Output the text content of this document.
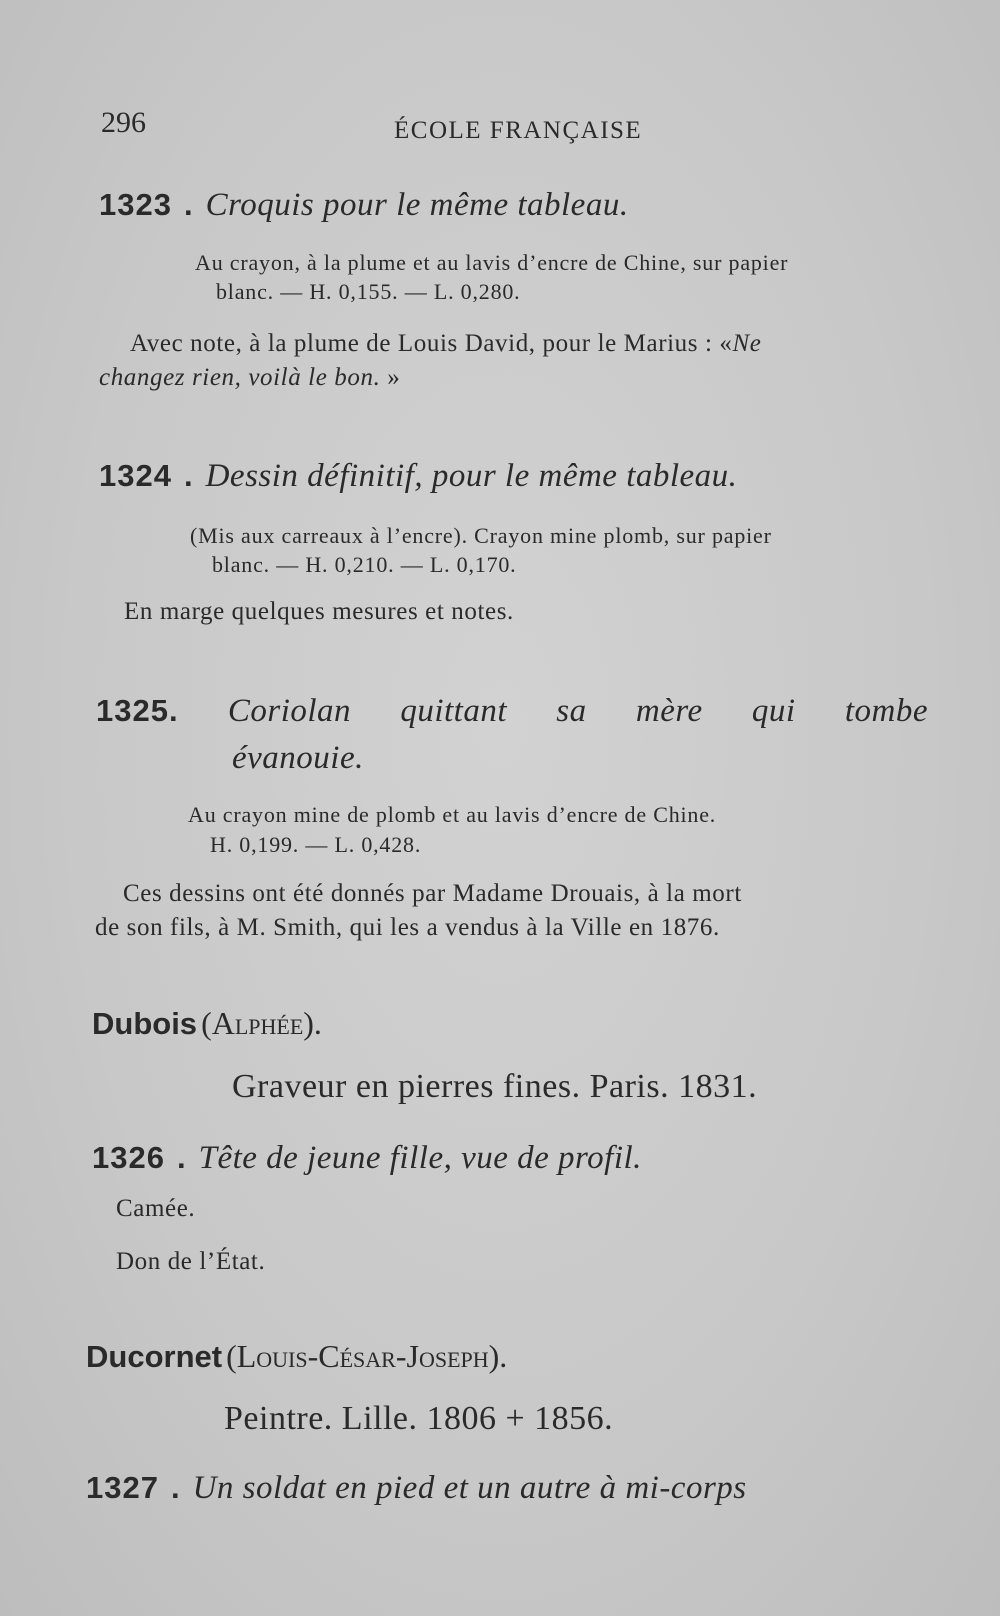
296	ÉCOLE FRANÇAISE
1323 . Croquis pour le même tableau.
Au crayon, à la plume et au lavis d’encre de Chine, sur papier
blanc. — H. 0,155. — L. 0,280.
Avec note, à la plume de Louis David, pour le Marius : «Ne
changez rien, voilà le bon. »
1324 . Dessin définitif, pour le même tableau.
(Mis aux carreaux à l’encre). Crayon mine plomb, sur papier
blanc. — H. 0,210. — L. 0,170.
En marge quelques mesures et notes.
1325. Coriolan quittant sa mère qui tombe
évanouie.
Au crayon mine de plomb et au lavis d’encre de Chine.
H. 0,199. — L. 0,428.
Ces dessins ont été donnés par Madame Drouais, à la mort
de son fils, à M. Smith, qui les a vendus à la Ville en 1876.
Dubois (Alphée).
Graveur en pierres fines. Paris. 1831.
1326 . Tête de jeune fille, vue de profil.
Camée.
Don de l’État.
Ducornet (Louis-César-Joseph).
Peintre. Lille. 1806 + 1856.
1327 . Un soldat en pied et un autre à mi-corps
